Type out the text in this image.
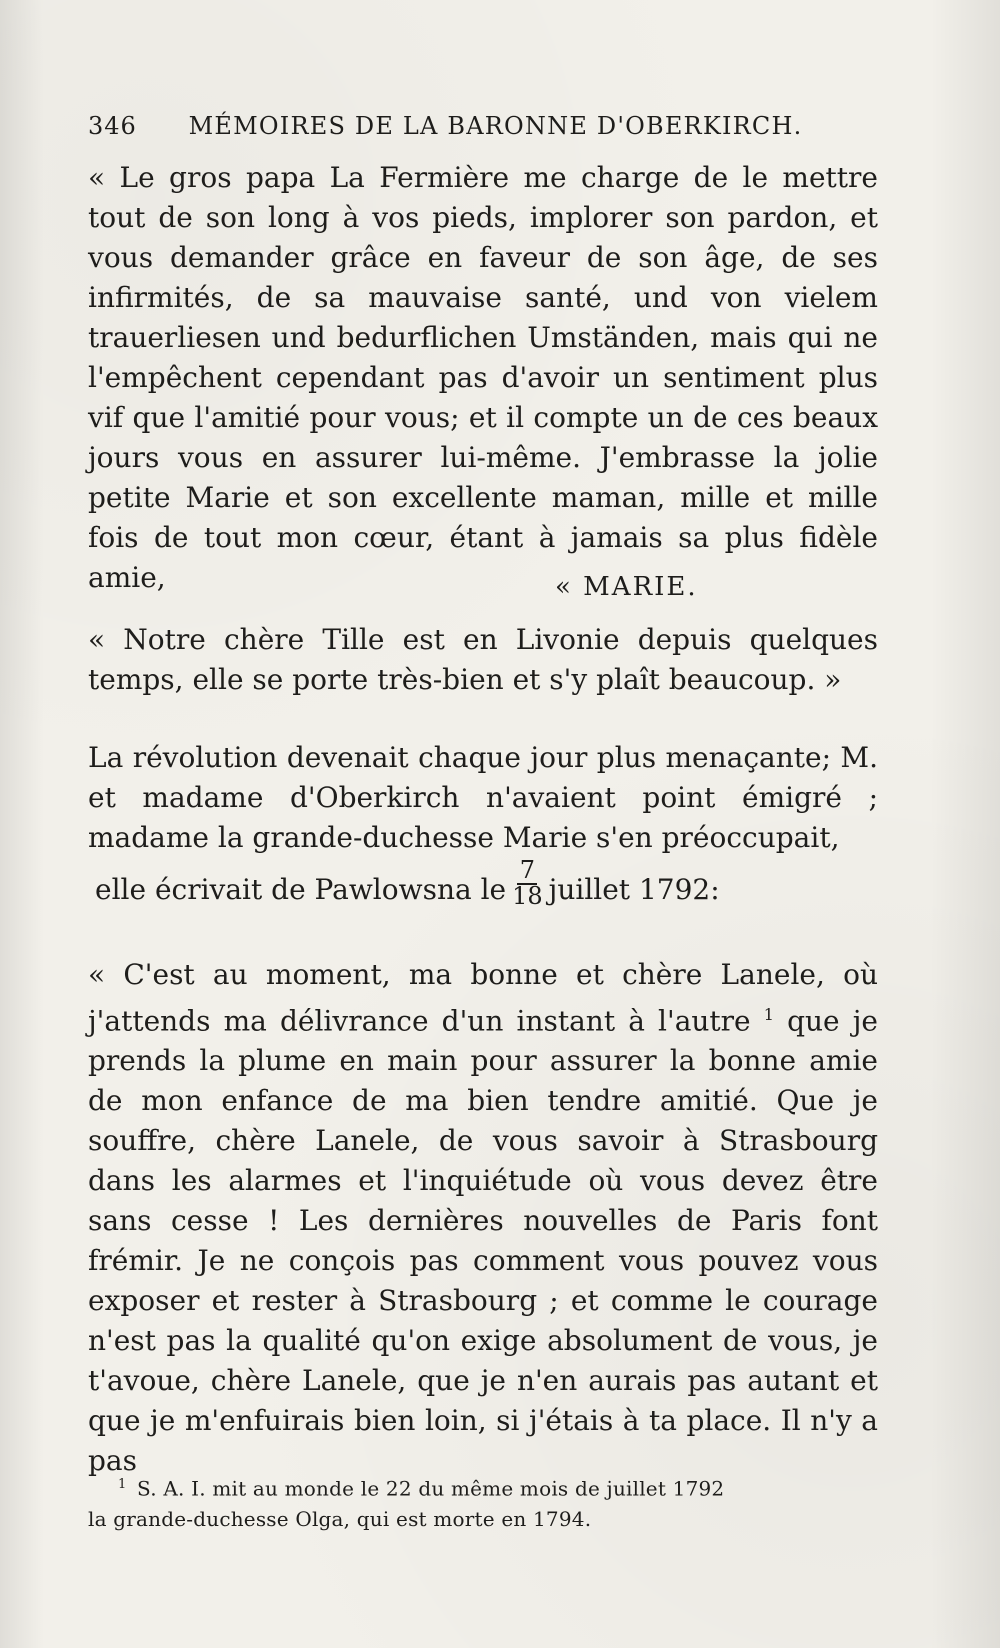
346 MÉMOIRES DE LA BARONNE D'OBERKIRCH.
« Le gros papa La Fermière me charge de le mettre tout de son long à vos pieds, implorer son pardon, et vous demander grâce en faveur de son âge, de ses infirmités, de sa mauvaise santé, und von vielem trauerliesen und bedurflichen Umständen, mais qui ne l'empêchent cependant pas d'avoir un sentiment plus vif que l'amitié pour vous; et il compte un de ces beaux jours vous en assurer lui-même. J'embrasse la jolie petite Marie et son excellente maman, mille et mille fois de tout mon cœur, étant à jamais sa plus fidèle amie,	« MARIE.
« Notre chère Tille est en Livonie depuis quelques temps, elle se porte très-bien et s'y plaît beaucoup. »
La révolution devenait chaque jour plus menaçante; M. et madame d'Oberkirch n'avaient point émigré ; madame la grande-duchesse Marie s'en préoccupait,
elle écrivait de Pawlowsna le $\frac{7}{18}$ juillet 1792:
« C'est au moment, ma bonne et chère Lanele, où j'attends ma délivrance d'un instant à l'autre $^1$ que je prends la plume en main pour assurer la bonne amie de mon enfance de ma bien tendre amitié. Que je souffre, chère Lanele, de vous savoir à Strasbourg dans les alarmes et l'inquiétude où vous devez être sans cesse ! Les dernières nouvelles de Paris font frémir. Je ne conçois pas comment vous pouvez vous exposer et rester à Strasbourg ; et comme le courage n'est pas la qualité qu'on exige absolument de vous, je t'avoue, chère Lanele, que je n'en aurais pas autant et que je m'enfuirais bien loin, si j'étais à ta place. Il n'y a pas
$^1$ S. A. I. mit au monde le 22 du même mois de juillet 1792
la grande-duchesse Olga, qui est morte en 1794.
